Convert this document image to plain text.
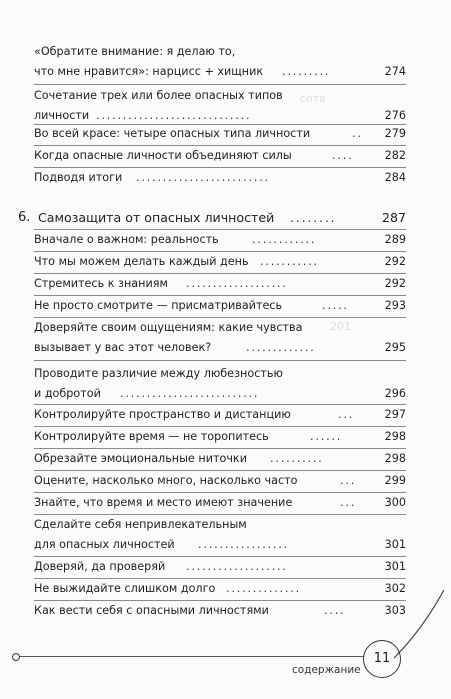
сотв
201
«Обратите внимание: я делаю то,
что мне нравится»: нарцисс + хищник .........	274
Сочетание трех или более опасных типов
личности .............................	276
Во всей красе: четыре опасных типа личности	..	279
Когда опасные личности объединяют силы	....	282
Подводя итоги .........................	284
6. Самозащита от опасных личностей ........	287
Вначале о важном: реальность	............	289
Что мы можем делать каждый день ...........	292
Стремитесь к знаниям ...................	292
Не просто смотрите — присматривайтесь	.....	293
Доверяйте своим ощущениям: какие чувства
вызывает у вас этот человек?	.............	295
Проводите различие между любезностью
и добротой ..........................	296
Контролируйте пространство и дистанцию	...	297
Контролируйте время — не торопитесь	......	298
Обрезайте эмоциональные ниточки ..........	298
Оцените, насколько много, насколько часто	...	299
Знайте, что время и место имеют значение	...	300
Сделайте себя непривлекательным
для опасных личностей .................	301
Доверяй, да проверяй ...................	301
Не выжидайте слишком долго ..............	302
Как вести себя с опасными личностями	....	303
содержание
11
